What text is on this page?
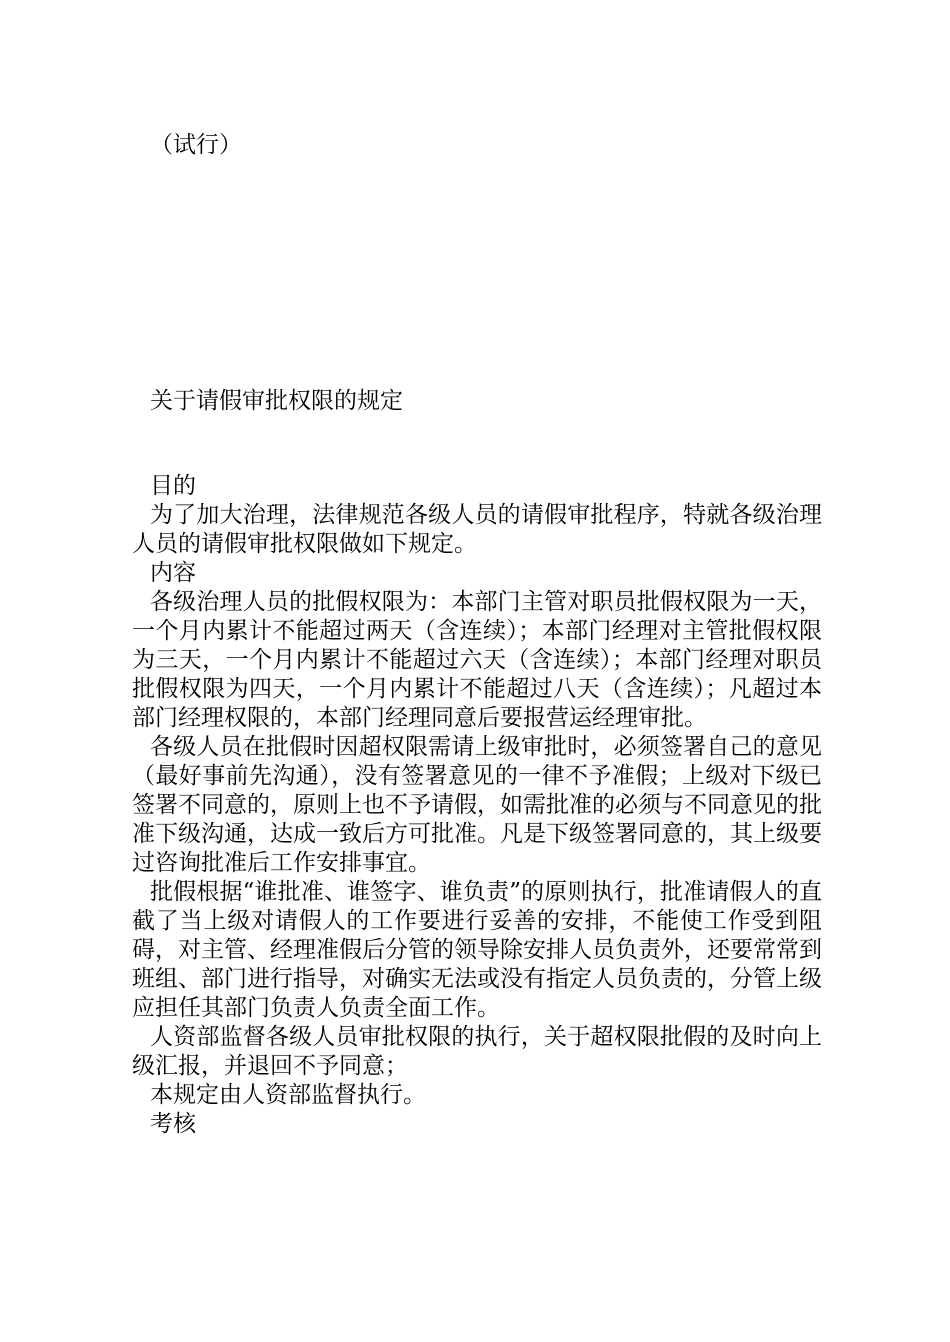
（试行）
关于请假审批权限的规定

目的

为了加大治理，法律规范各级人员的请假审批程序，特就各级治理人员的请假审批权限做如下规定。

内容

各级治理人员的批假权限为：本部门主管对职员批假权限为一天，一个月内累计不能超过两天（含连续）；本部门经理对主管批假权限为三天，一个月内累计不能超过六天（含连续）；本部门经理对职员批假权限为四天，一个月内累计不能超过八天（含连续）；凡超过本部门经理权限的，本部门经理同意后要报营运经理审批。

各级人员在批假时因超权限需请上级审批时，必须签署自己的意见（最好事前先沟通），没有签署意见的一律不予准假；上级对下级已签署不同意的，原则上也不予请假，如需批准的必须与不同意见的批准下级沟通，达成一致后方可批准。凡是下级签署同意的，其上级要过咨询批准后工作安排事宜。

批假根据“谁批准、谁签字、谁负责”的原则执行，批准请假人的直截了当上级对请假人的工作要进行妥善的安排，不能使工作受到阻碍，对主管、经理准假后分管的领导除安排人员负责外，还要常常到班组、部门进行指导，对确实无法或没有指定人员负责的，分管上级应担任其部门负责人负责全面工作。

人资部监督各级人员审批权限的执行，关于超权限批假的及时向上级汇报，并退回不予同意；

本规定由人资部监督执行。

考核
